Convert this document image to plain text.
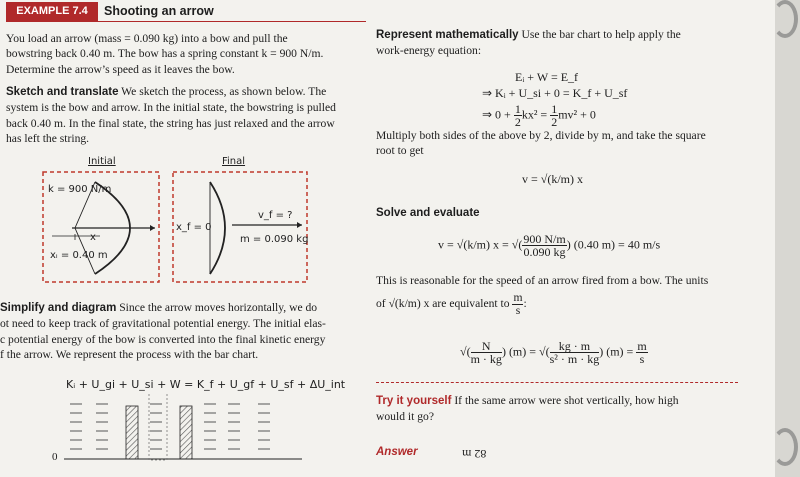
EXAMPLE 7.4	Shooting an arrow
You load an arrow (mass = 0.090 kg) into a bow and pull the
bowstring back 0.40 m. The bow has a spring constant k = 900 N/m.
Determine the arrow’s speed as it leaves the bow.
Sketch and translate We sketch the process, as shown below. The
system is the bow and arrow. In the initial state, the bowstring is pulled
back 0.40 m. In the final state, the string has just relaxed and the arrow
has left the string.
Initial	Final
k = 900 N/m
x
xᵢ = 0.40 m
x_f = 0
v_f = ?
m = 0.090 kg
Simplify and diagram Since the arrow moves horizontally, we do
ot need to keep track of gravitational potential energy. The initial elas-
c potential energy of the bow is converted into the final kinetic energy
f the arrow. We represent the process with the bar chart.
Kᵢ + U_gi + U_si + W = K_f + U_gf + U_sf + ΔU_int
0
Represent mathematically Use the bar chart to help apply the
work-energy equation:
Eᵢ + W = E_f
⇒ Kᵢ + U_si + 0 = K_f + U_sf
⇒ $0 + \frac{1}{2} kx^2 = \frac{1}{2} mv^2 + 0$
Multiply both sides of the above by 2, divide by m, and take the square
root to get
v = √(k/m) x
Solve and evaluate
v = √(k/m) x = √( $\frac{900 N/m}{0.090 kg}$ ) (0.40 m) = 40 m/s
This is reasonable for the speed of an arrow fired from a bow. The units
of √(k/m) x are equivalent to $\frac{m}{s}$ :
√( $\frac{N}{m \cdot kg}$ ) (m) = √( $\frac{kg \cdot m}{\text{s² · m · kg}}$ ) $(m) = \frac{m}{s}$
Try it yourself If the same arrow were shot vertically, how high
would it go?
Answer	82 m
